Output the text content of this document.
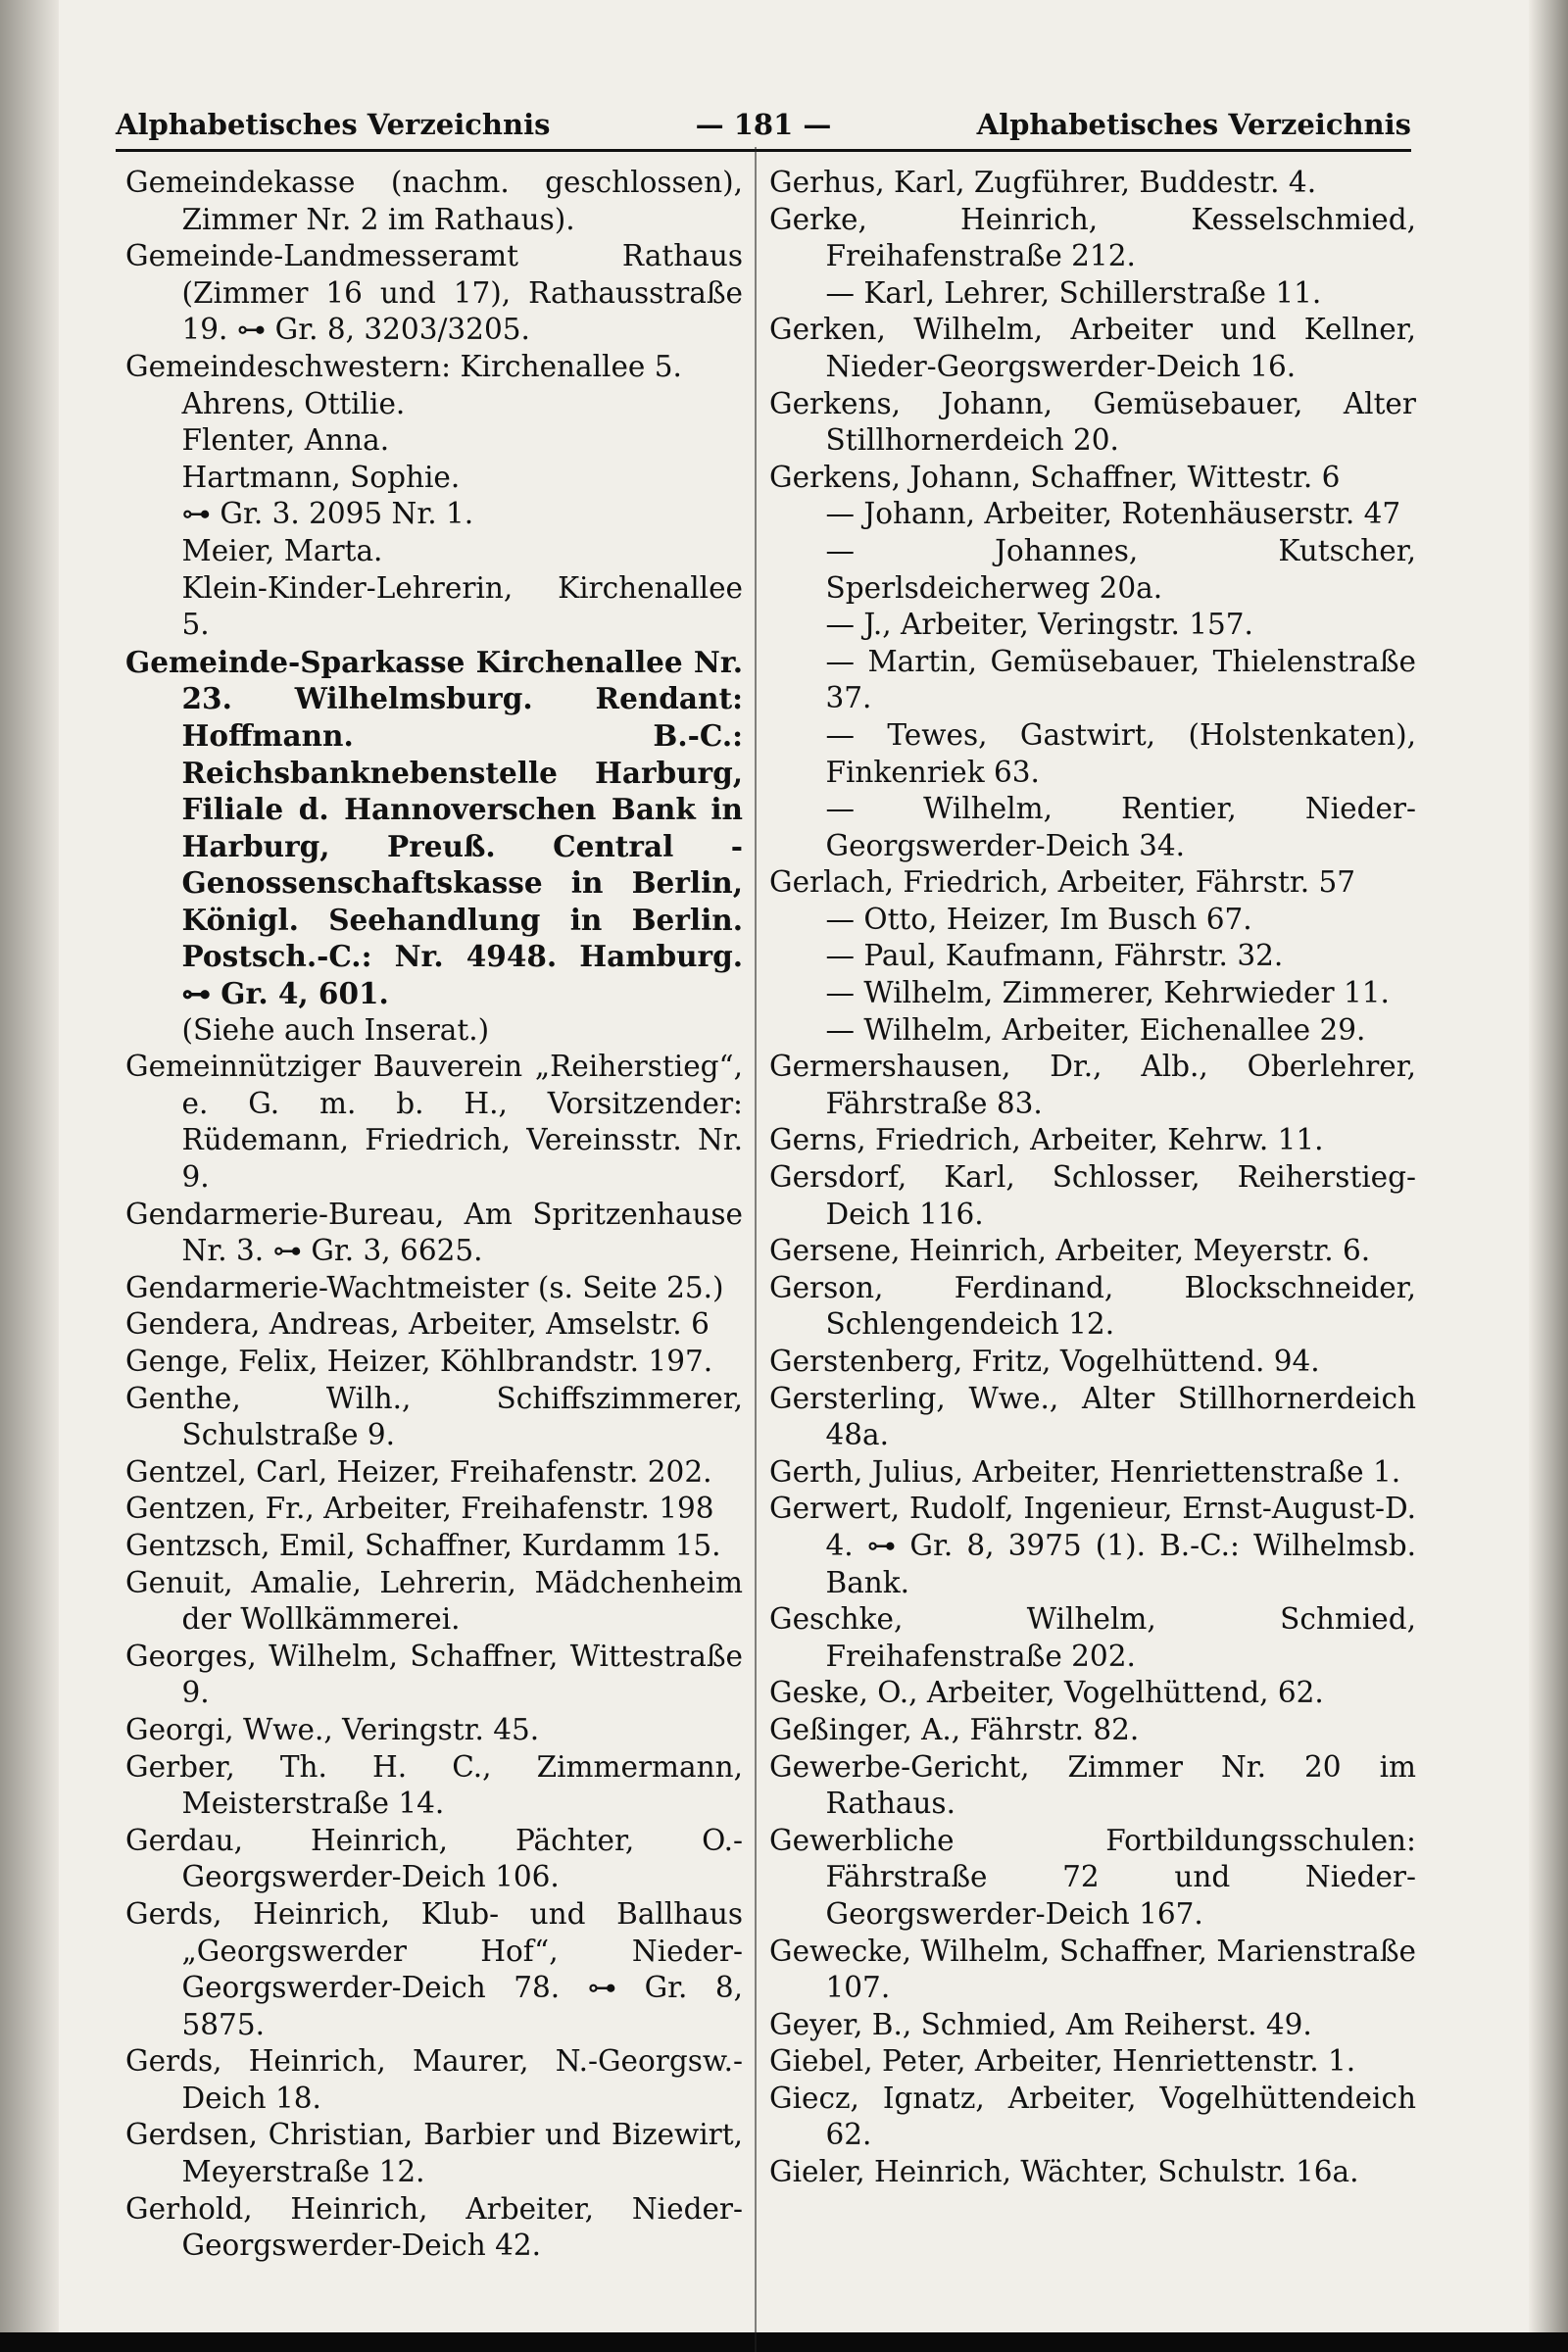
Alphabetisches Verzeichnis	— 181 —	Alphabetisches Verzeichnis
Gemeindekasse (nachm. geschlossen), Zimmer Nr. 2 im Rathaus).
Gemeinde-Landmesseramt Rathaus (Zimmer 16 und 17), Rathausstraße 19. ⊶ Gr. 8, 3203/3205.
Gemeindeschwestern: Kirchenallee 5.
Ahrens, Ottilie.
Flenter, Anna.
Hartmann, Sophie.
⊶ Gr. 3. 2095 Nr. 1.
Meier, Marta.
Klein-Kinder-Lehrerin, Kirchenallee 5.
Gemeinde-Sparkasse Kirchenallee Nr. 23. Wilhelmsburg. Rendant: Hoffmann. B.-C.: Reichsbanknebenstelle Harburg, Filiale d. Hannoverschen Bank in Harburg, Preuß. Central - Genossenschaftskasse in Berlin, Königl. Seehandlung in Berlin. Postsch.-C.: Nr. 4948. Hamburg. ⊶ Gr. 4, 601.
(Siehe auch Inserat.)
Gemeinnütziger Bauverein „Reiherstieg“, e. G. m. b. H., Vorsitzender: Rüdemann, Friedrich, Vereinsstr. Nr. 9.
Gendarmerie-Bureau, Am Spritzenhause Nr. 3. ⊶ Gr. 3, 6625.
Gendarmerie-Wachtmeister (s. Seite 25.)
Gendera, Andreas, Arbeiter, Amselstr. 6
Genge, Felix, Heizer, Köhlbrandstr. 197.
Genthe, Wilh., Schiffszimmerer, Schulstraße 9.
Gentzel, Carl, Heizer, Freihafenstr. 202.
Gentzen, Fr., Arbeiter, Freihafenstr. 198
Gentzsch, Emil, Schaffner, Kurdamm 15.
Genuit, Amalie, Lehrerin, Mädchenheim der Wollkämmerei.
Georges, Wilhelm, Schaffner, Wittestraße 9.
Georgi, Wwe., Veringstr. 45.
Gerber, Th. H. C., Zimmermann, Meisterstraße 14.
Gerdau, Heinrich, Pächter, O.-Georgswerder-Deich 106.
Gerds, Heinrich, Klub- und Ballhaus „Georgswerder Hof“, Nieder-Georgswerder-Deich 78. ⊶ Gr. 8, 5875.
Gerds, Heinrich, Maurer, N.-Georgsw.-Deich 18.
Gerdsen, Christian, Barbier und Bizewirt, Meyerstraße 12.
Gerhold, Heinrich, Arbeiter, Nieder-Georgswerder-Deich 42.
Gerhus, Karl, Zugführer, Buddestr. 4.
Gerke, Heinrich, Kesselschmied, Freihafenstraße 212.
— Karl, Lehrer, Schillerstraße 11.
Gerken, Wilhelm, Arbeiter und Kellner, Nieder-Georgswerder-Deich 16.
Gerkens, Johann, Gemüsebauer, Alter Stillhornerdeich 20.
Gerkens, Johann, Schaffner, Wittestr. 6
— Johann, Arbeiter, Rotenhäuserstr. 47
— Johannes, Kutscher, Sperlsdeicherweg 20a.
— J., Arbeiter, Veringstr. 157.
— Martin, Gemüsebauer, Thielenstraße 37.
— Tewes, Gastwirt, (Holstenkaten), Finkenriek 63.
— Wilhelm, Rentier, Nieder-Georgswerder-Deich 34.
Gerlach, Friedrich, Arbeiter, Fährstr. 57
— Otto, Heizer, Im Busch 67.
— Paul, Kaufmann, Fährstr. 32.
— Wilhelm, Zimmerer, Kehrwieder 11.
— Wilhelm, Arbeiter, Eichenallee 29.
Germershausen, Dr., Alb., Oberlehrer, Fährstraße 83.
Gerns, Friedrich, Arbeiter, Kehrw. 11.
Gersdorf, Karl, Schlosser, Reiherstieg-Deich 116.
Gersene, Heinrich, Arbeiter, Meyerstr. 6.
Gerson, Ferdinand, Blockschneider, Schlengendeich 12.
Gerstenberg, Fritz, Vogelhüttend. 94.
Gersterling, Wwe., Alter Stillhornerdeich 48a.
Gerth, Julius, Arbeiter, Henriettenstraße 1.
Gerwert, Rudolf, Ingenieur, Ernst-August-D. 4. ⊶ Gr. 8, 3975 (1). B.-C.: Wilhelmsb. Bank.
Geschke, Wilhelm, Schmied, Freihafenstraße 202.
Geske, O., Arbeiter, Vogelhüttend, 62.
Geßinger, A., Fährstr. 82.
Gewerbe-Gericht, Zimmer Nr. 20 im Rathaus.
Gewerbliche Fortbildungsschulen: Fährstraße 72 und Nieder-Georgswerder-Deich 167.
Gewecke, Wilhelm, Schaffner, Marienstraße 107.
Geyer, B., Schmied, Am Reiherst. 49.
Giebel, Peter, Arbeiter, Henriettenstr. 1.
Giecz, Ignatz, Arbeiter, Vogelhüttendeich 62.
Gieler, Heinrich, Wächter, Schulstr. 16a.
